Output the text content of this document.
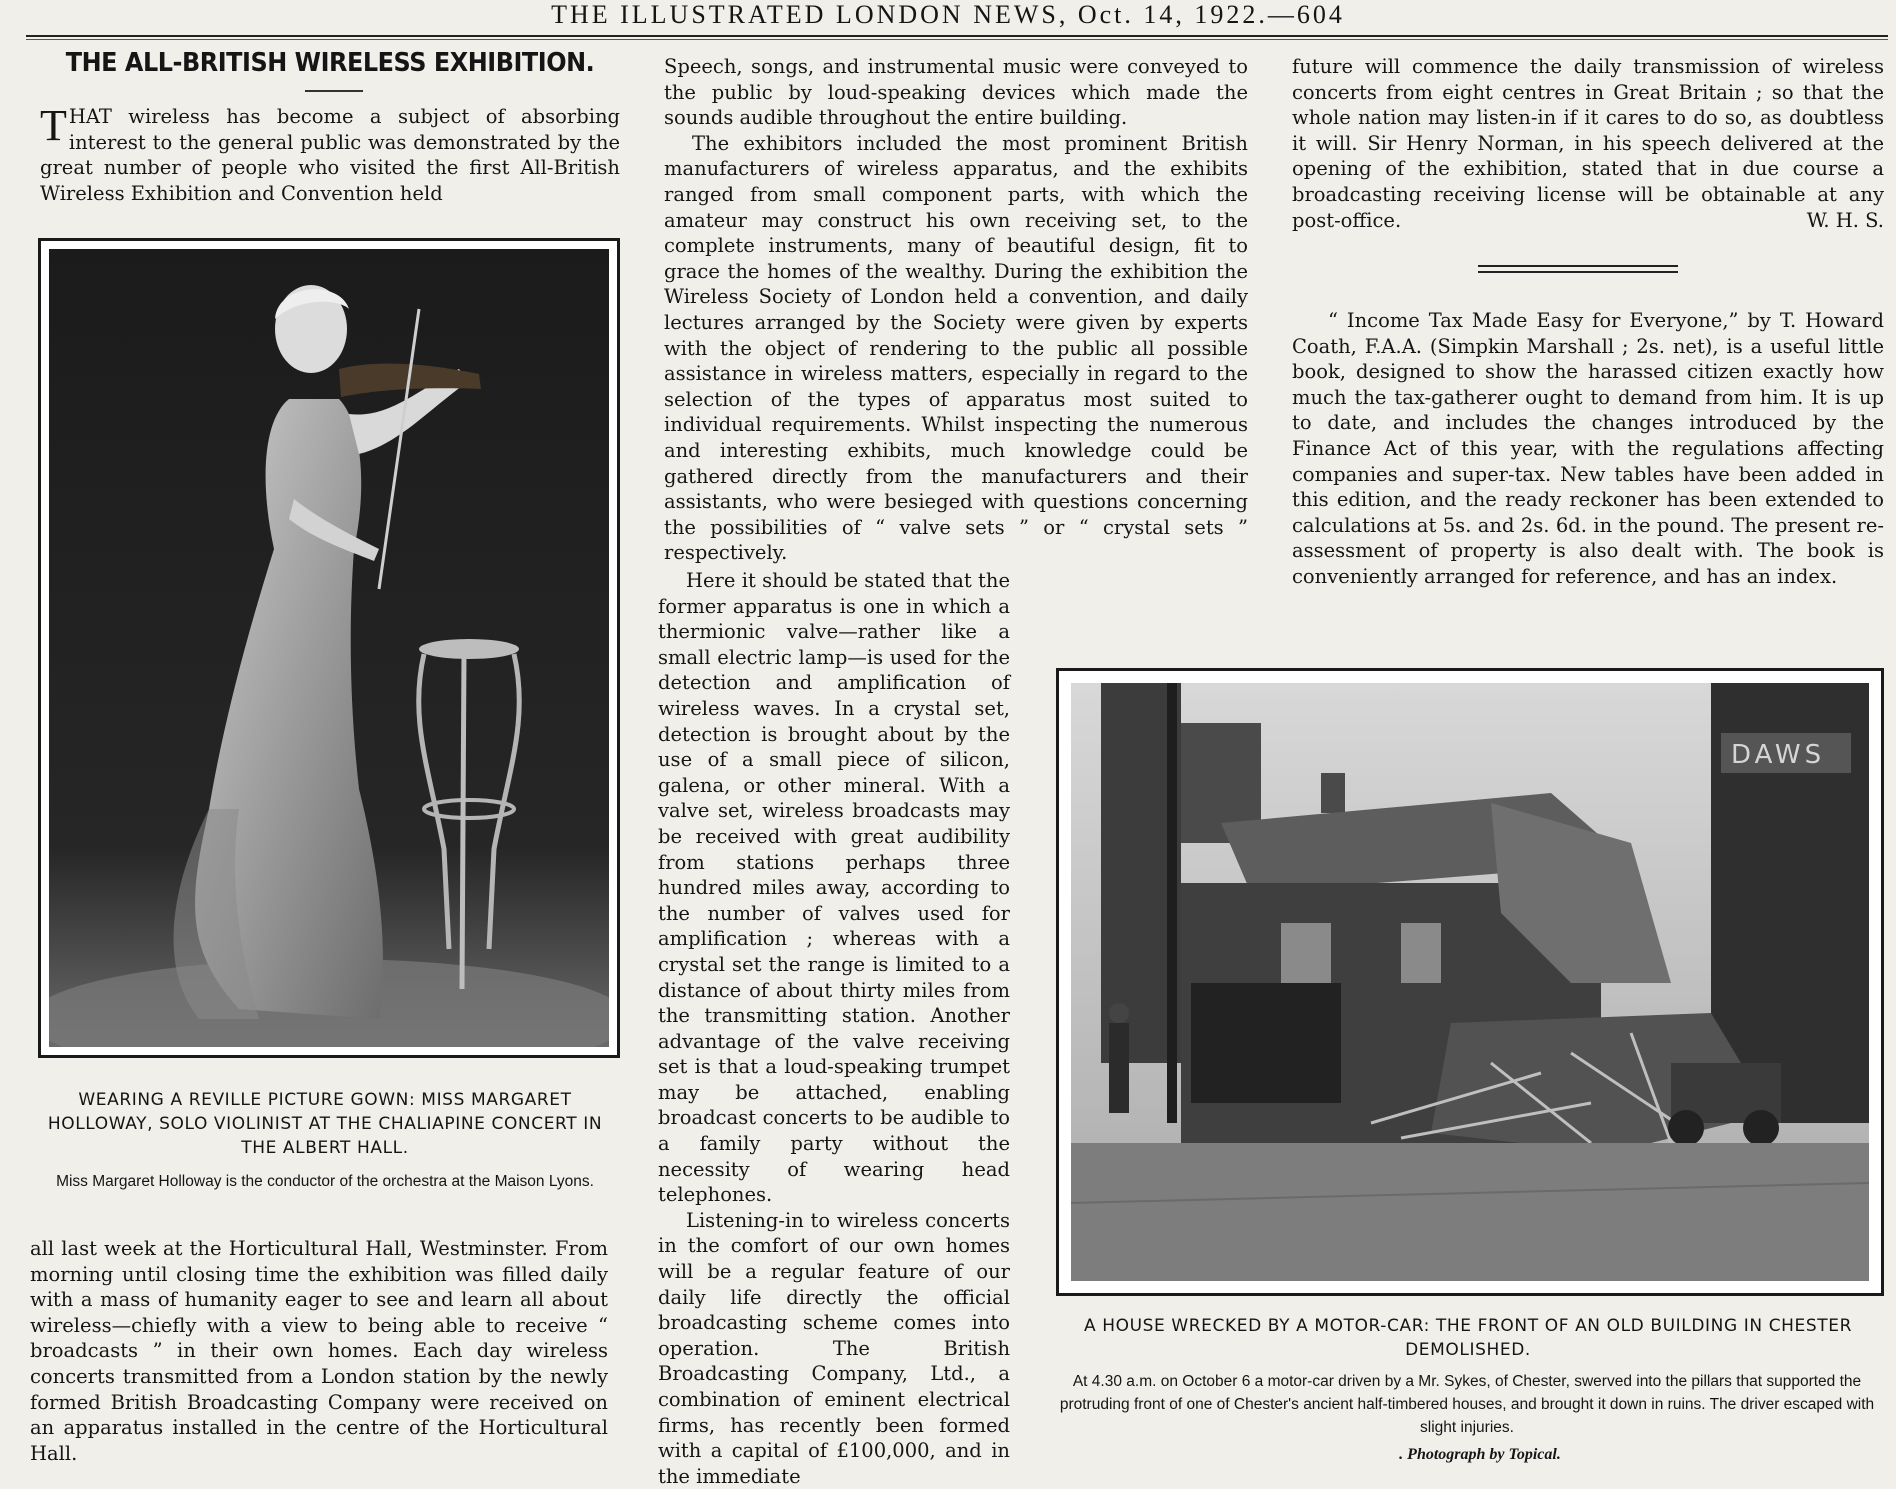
THE ILLUSTRATED LONDON NEWS, Oct. 14, 1922.—604
THE ALL-BRITISH WIRELESS EXHIBITION.

THAT wireless has become a subject of absorbing interest to the general public was demonstrated by the great number of people who visited the first All-British Wireless Exhibition and Convention held

WEARING A REVILLE PICTURE GOWN: MISS MARGARET HOLLOWAY, SOLO VIOLINIST AT THE CHALIAPINE CONCERT IN THE ALBERT HALL.
Miss Margaret Holloway is the conductor of the orchestra at the Maison Lyons.

all last week at the Horticultural Hall, Westminster. From morning until closing time the exhibition was filled daily with a mass of humanity eager to see and learn all about wireless—chiefly with a view to being able to receive “ broadcasts ” in their own homes. Each day wireless concerts transmitted from a London station by the newly formed British Broadcasting Company were received on an apparatus installed in the centre of the Horticultural Hall.

Speech, songs, and instrumental music were conveyed to the public by loud-speaking devices which made the sounds audible throughout the entire building.

The exhibitors included the most prominent British manufacturers of wireless apparatus, and the exhibits ranged from small component parts, with which the amateur may construct his own receiving set, to the complete instruments, many of beautiful design, fit to grace the homes of the wealthy. During the exhibition the Wireless Society of London held a convention, and daily lectures arranged by the Society were given by experts with the object of rendering to the public all possible assistance in wireless matters, especially in regard to the selection of the types of apparatus most suited to individual requirements. Whilst inspecting the numerous and interesting exhibits, much knowledge could be gathered directly from the manufacturers and their assistants, who were besieged with questions concerning the possibilities of “ valve sets ” or “ crystal sets ” respectively.

Here it should be stated that the former apparatus is one in which a thermionic valve—rather like a small electric lamp—is used for the detection and amplification of wireless waves. In a crystal set, detection is brought about by the use of a small piece of silicon, galena, or other mineral. With a valve set, wireless broadcasts may be received with great audibility from stations perhaps three hundred miles away, according to the number of valves used for amplification ; whereas with a crystal set the range is limited to a distance of about thirty miles from the transmitting station. Another advantage of the valve receiving set is that a loud-speaking trumpet may be attached, enabling broadcast concerts to be audible to a family party without the necessity of wearing head telephones.

Listening-in to wireless concerts in the comfort of our own homes will be a regular feature of our daily life directly the official broadcasting scheme comes into operation. The British Broadcasting Company, Ltd., a combination of eminent electrical firms, has recently been formed with a capital of £100,000, and in the immediate

future will commence the daily transmission of wireless concerts from eight centres in Great Britain ; so that the whole nation may listen-in if it cares to do so, as doubtless it will. Sir Henry Norman, in his speech delivered at the opening of the exhibition, stated that in due course a broadcasting receiving license will be obtainable at any post-office.	W. H. S.

“ Income Tax Made Easy for Everyone,” by T. Howard Coath, F.A.A. (Simpkin Marshall ; 2s. net), is a useful little book, designed to show the harassed citizen exactly how much the tax-gatherer ought to demand from him. It is up to date, and includes the changes introduced by the Finance Act of this year, with the regulations affecting companies and super-tax. New tables have been added in this edition, and the ready reckoner has been extended to calculations at 5s. and 2s. 6d. in the pound. The present re-assessment of property is also dealt with. The book is conveniently arranged for reference, and has an index.

DAWS
A HOUSE WRECKED BY A MOTOR-CAR: THE FRONT OF AN OLD BUILDING IN CHESTER DEMOLISHED.
At 4.30 a.m. on October 6 a motor-car driven by a Mr. Sykes, of Chester, swerved into the pillars that supported the protruding front of one of Chester's ancient half-timbered houses, and brought it down in ruins. The driver escaped with slight injuries.
. Photograph by Topical.
